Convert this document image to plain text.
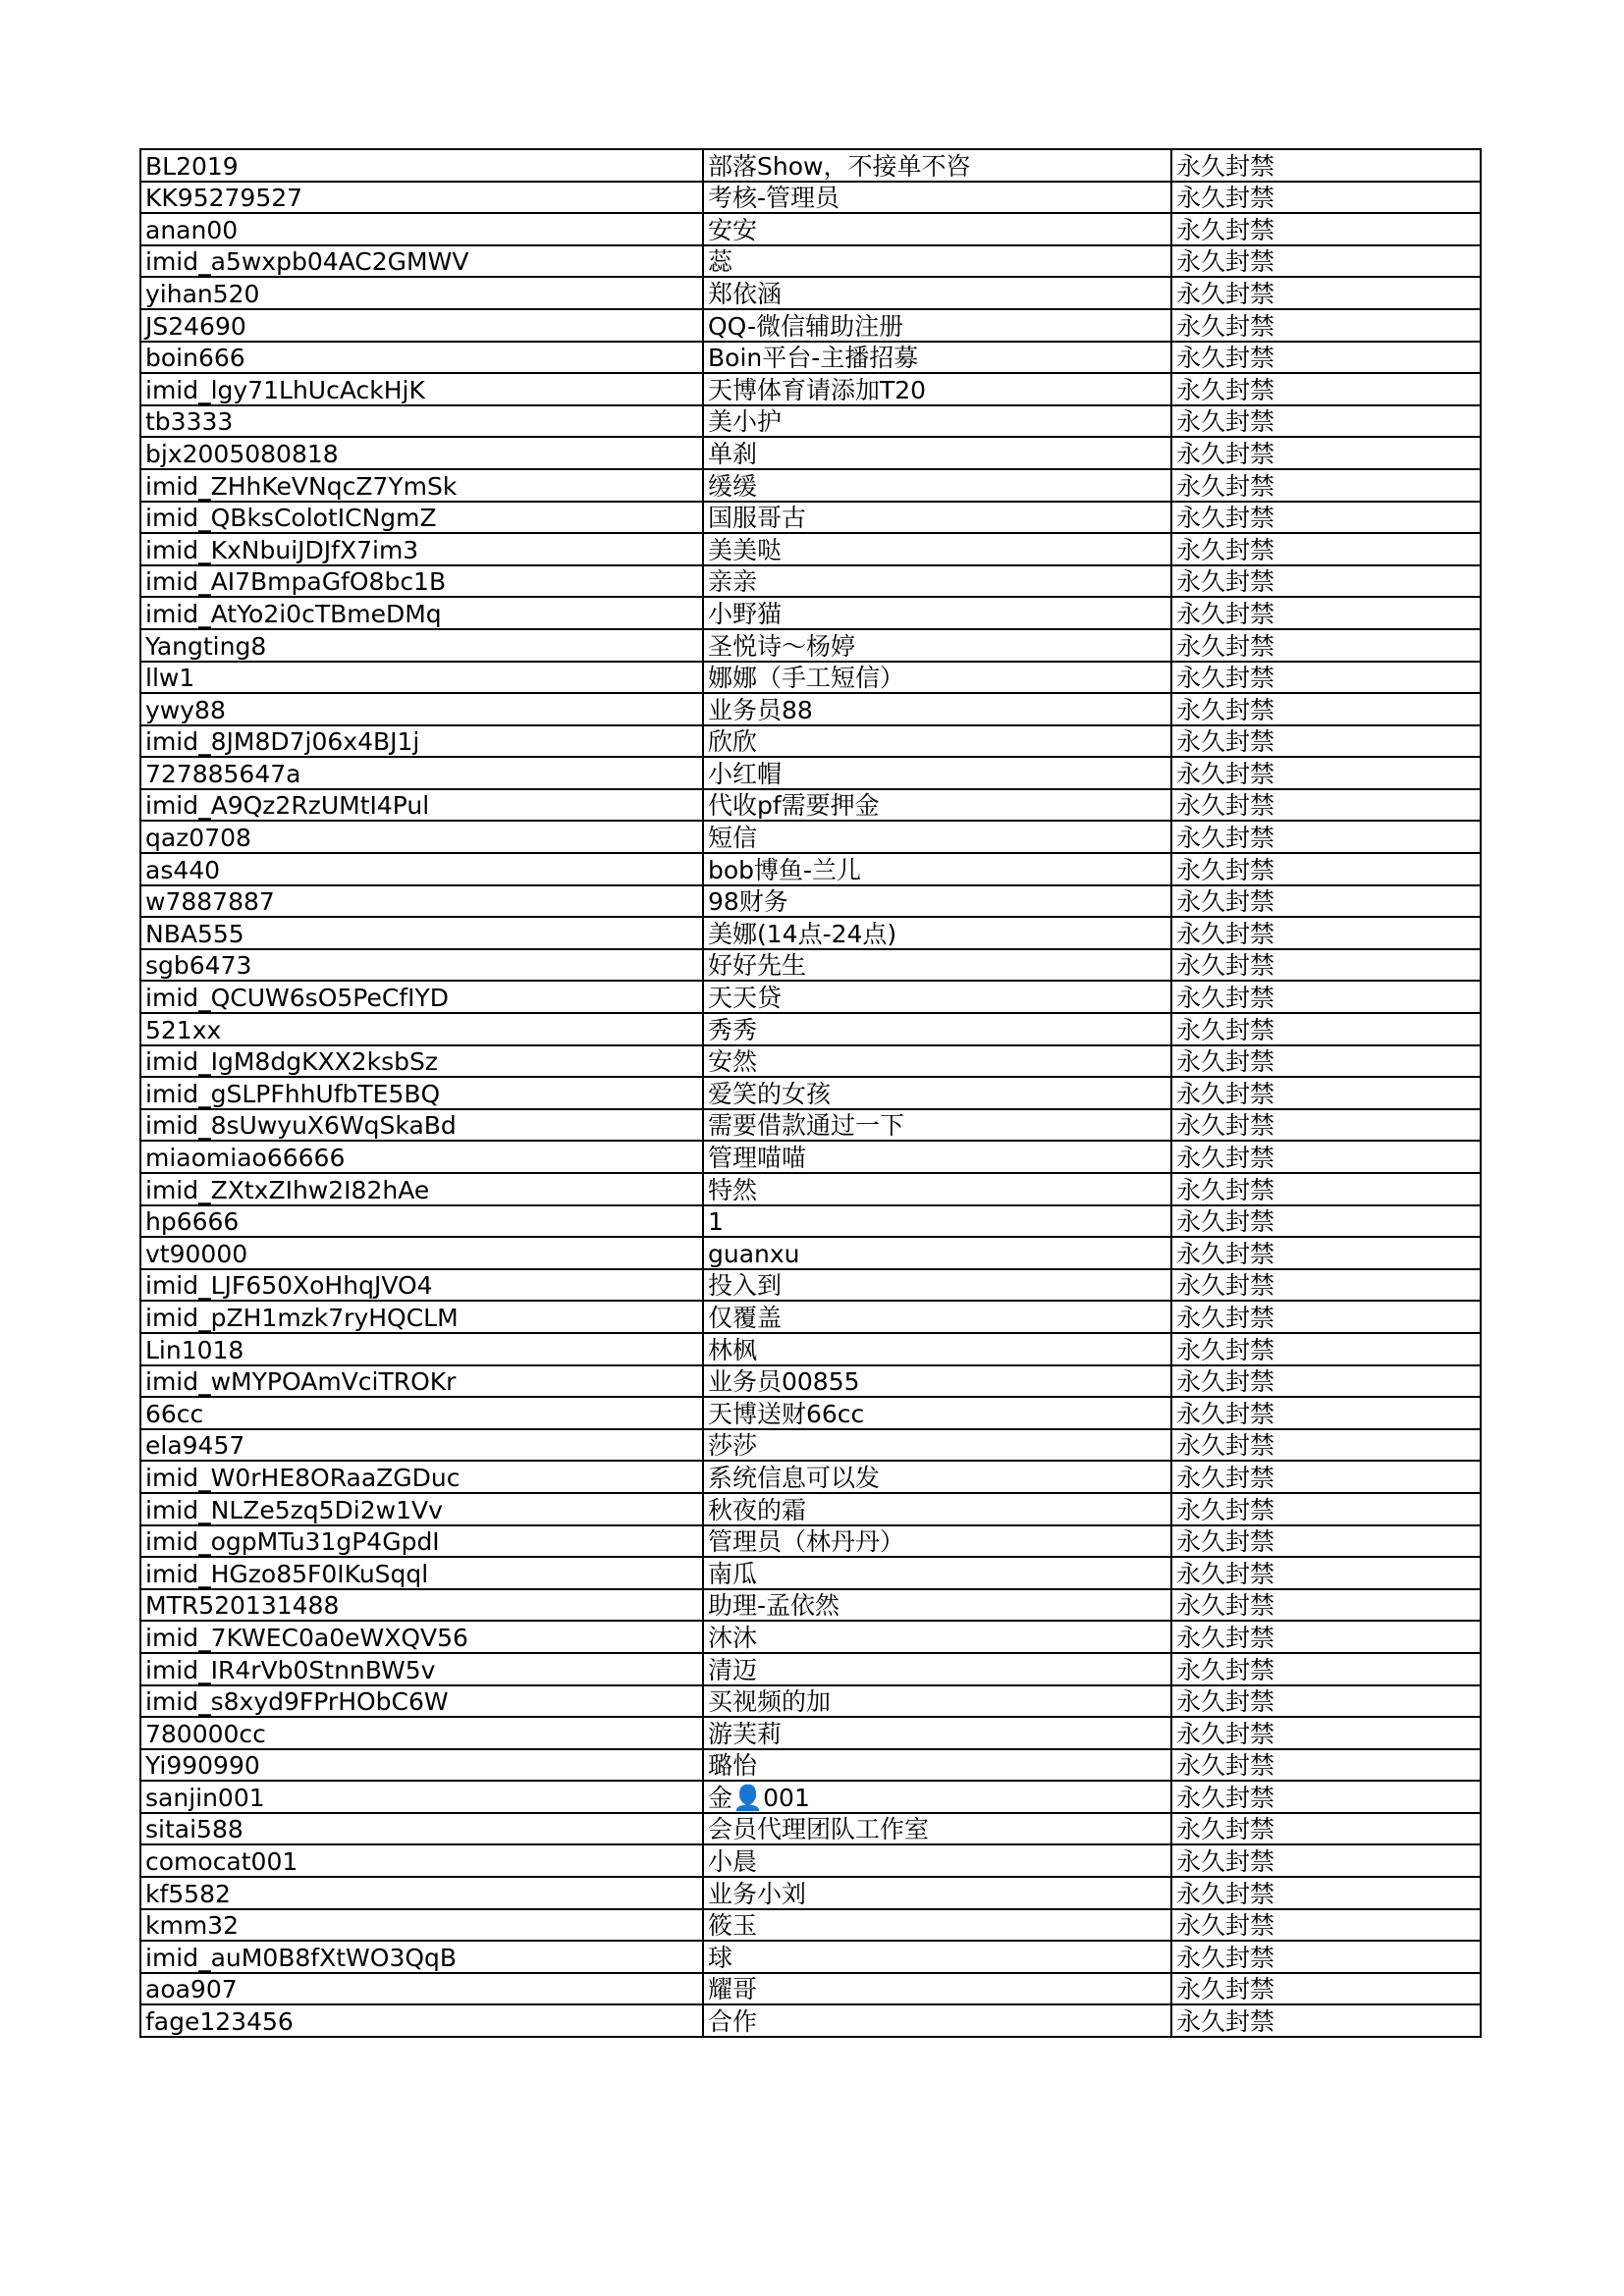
BL2019	部落Show，不接单不咨	永久封禁
KK95279527	考核-管理员	永久封禁
anan00	安安	永久封禁
imid_a5wxpb04AC2GMWV	蕊	永久封禁
yihan520	郑依涵	永久封禁
JS24690	QQ-微信辅助注册	永久封禁
boin666	Boin平台-主播招募	永久封禁
imid_lgy71LhUcAckHjK	天博体育请添加T20	永久封禁
tb3333	美小护	永久封禁
bjx2005080818	单刹	永久封禁
imid_ZHhKeVNqcZ7YmSk	缓缓	永久封禁
imid_QBksColotICNgmZ	国服哥古	永久封禁
imid_KxNbuiJDJfX7im3	美美哒	永久封禁
imid_AI7BmpaGfO8bc1B	亲亲	永久封禁
imid_AtYo2i0cTBmeDMq	小野猫	永久封禁
Yangting8	圣悦诗～杨婷	永久封禁
llw1	娜娜（手工短信）	永久封禁
ywy88	业务员88	永久封禁
imid_8JM8D7j06x4BJ1j	欣欣	永久封禁
727885647a	小红帽	永久封禁
imid_A9Qz2RzUMtI4Pul	代收pf需要押金	永久封禁
qaz0708	短信	永久封禁
as440	bob博鱼-兰儿	永久封禁
w7887887	98财务	永久封禁
NBA555	美娜(14点-24点)	永久封禁
sgb6473	好好先生	永久封禁
imid_QCUW6sO5PeCfIYD	天天贷	永久封禁
521xx	秀秀	永久封禁
imid_IgM8dgKXX2ksbSz	安然	永久封禁
imid_gSLPFhhUfbTE5BQ	爱笑的女孩	永久封禁
imid_8sUwyuX6WqSkaBd	需要借款通过一下	永久封禁
miaomiao66666	管理喵喵	永久封禁
imid_ZXtxZIhw2I82hAe	特然	永久封禁
hp6666	1	永久封禁
vt90000	guanxu	永久封禁
imid_LJF650XoHhqJVO4	投入到	永久封禁
imid_pZH1mzk7ryHQCLM	仅覆盖	永久封禁
Lin1018	林枫	永久封禁
imid_wMYPOAmVciTROKr	业务员00855	永久封禁
66cc	天博送财66cc	永久封禁
ela9457	莎莎	永久封禁
imid_W0rHE8ORaaZGDuc	系统信息可以发	永久封禁
imid_NLZe5zq5Di2w1Vv	秋夜的霜	永久封禁
imid_ogpMTu31gP4GpdI	管理员（林丹丹）	永久封禁
imid_HGzo85F0IKuSqql	南瓜	永久封禁
MTR520131488	助理-孟依然	永久封禁
imid_7KWEC0a0eWXQV56	沐沐	永久封禁
imid_IR4rVb0StnnBW5v	清迈	永久封禁
imid_s8xyd9FPrHObC6W	买视频的加	永久封禁
780000cc	游芙莉	永久封禁
Yi990990	璐怡	永久封禁
sanjin001	金👤001	永久封禁
sitai588	会员代理团队工作室	永久封禁
comocat001	小晨	永久封禁
kf5582	业务小刘	永久封禁
kmm32	筱玉	永久封禁
imid_auM0B8fXtWO3QqB	球	永久封禁
aoa907	耀哥	永久封禁
fage123456	合作	永久封禁
